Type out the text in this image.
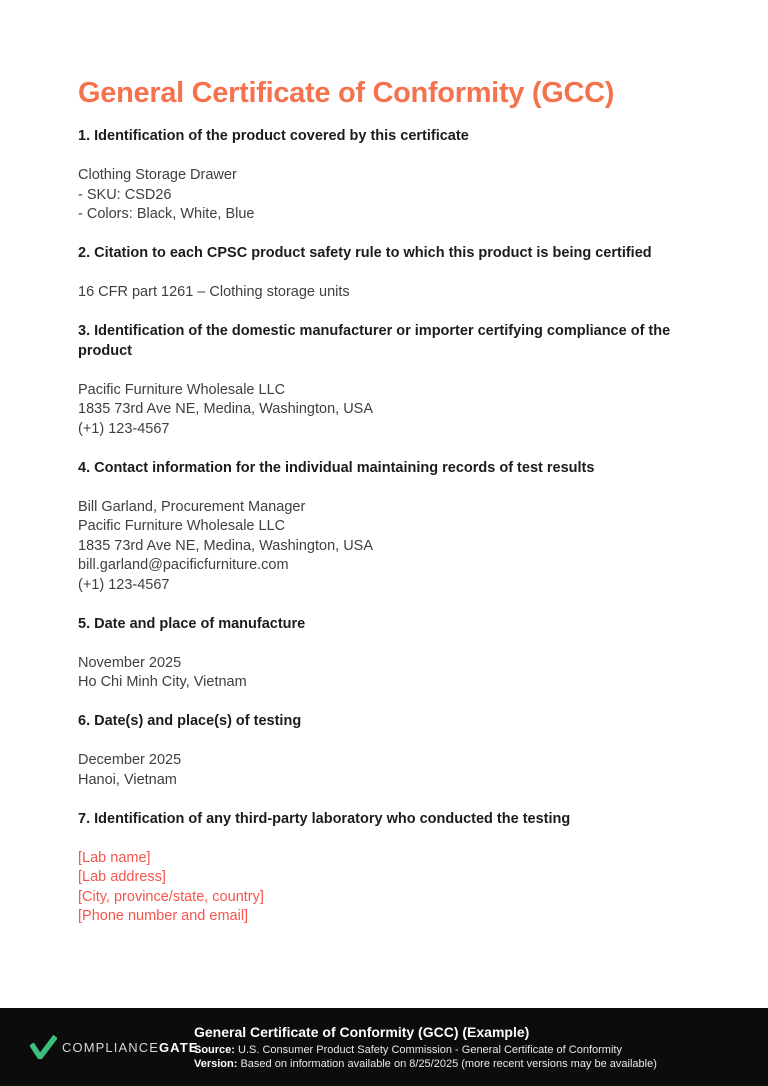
General Certificate of Conformity (GCC)
1. Identification of the product covered by this certificate
Clothing Storage Drawer
- SKU: CSD26
- Colors: Black, White, Blue
2. Citation to each CPSC product safety rule to which this product is being certified
16 CFR part 1261 – Clothing storage units
3. Identification of the domestic manufacturer or importer certifying compliance of the product
Pacific Furniture Wholesale LLC
1835 73rd Ave NE, Medina, Washington, USA
(+1) 123-4567
4. Contact information for the individual maintaining records of test results
Bill Garland, Procurement Manager
Pacific Furniture Wholesale LLC
1835 73rd Ave NE, Medina, Washington, USA
bill.garland@pacificfurniture.com
(+1) 123-4567
5. Date and place of manufacture
November 2025
Ho Chi Minh City, Vietnam
6. Date(s) and place(s) of testing
December 2025
Hanoi, Vietnam
7. Identification of any third-party laboratory who conducted the testing
[Lab name]
[Lab address]
[City, province/state, country]
[Phone number and email]
COMPLIANCEGATE
General Certificate of Conformity (GCC) (Example)
Source: U.S. Consumer Product Safety Commission - General Certificate of Conformity
Version: Based on information available on 8/25/2025 (more recent versions may be available)
